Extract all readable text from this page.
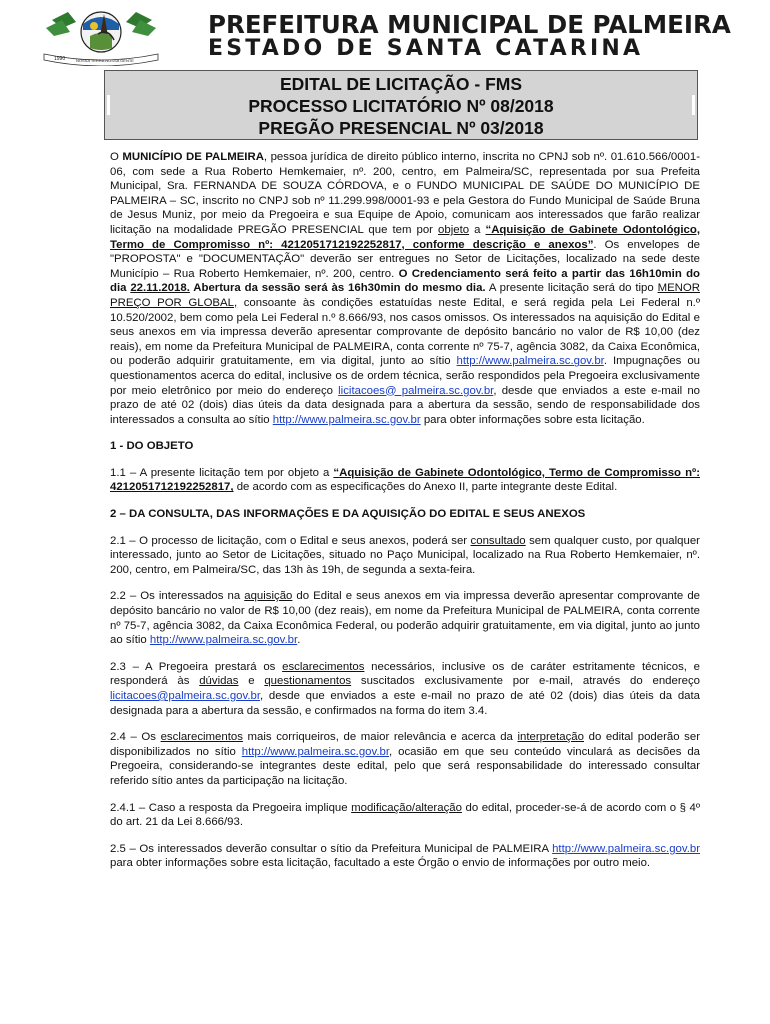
1990	NOSSA TERRA NOSSA GENTE
PREFEITURA MUNICIPAL DE PALMEIRA
ESTADO DE SANTA CATARINA
EDITAL DE LICITAÇÃO - FMS
PROCESSO LICITATÓRIO Nº 08/2018
PREGÃO PRESENCIAL Nº 03/2018

O MUNICÍPIO DE PALMEIRA, pessoa jurídica de direito público interno, inscrita no CPNJ sob nº. 01.610.566/0001-06, com sede a Rua Roberto Hemkemaier, nº. 200, centro, em Palmeira/SC, representada por sua Prefeita Municipal, Sra. FERNANDA DE SOUZA CÓRDOVA, e o FUNDO MUNICIPAL DE SAÚDE DO MUNICÍPIO DE PALMEIRA – SC, inscrito no CNPJ sob nº 11.299.998/0001-93 e pela Gestora do Fundo Municipal de Saúde Bruna de Jesus Muniz, por meio da Pregoeira e sua Equipe de Apoio, comunicam aos interessados que farão realizar licitação na modalidade PREGÃO PRESENCIAL que tem por objeto a “Aquisição de Gabinete Odontológico, Termo de Compromisso nº: 4212051712192252817, conforme descrição e anexos”. Os envelopes de "PROPOSTA" e "DOCUMENTAÇÃO" deverão ser entregues no Setor de Licitações, localizado na sede deste Município – Rua Roberto Hemkemaier, nº. 200, centro. O Credenciamento será feito a partir das 16h10min do dia 22.11.2018. Abertura da sessão será às 16h30min do mesmo dia. A presente licitação será do tipo MENOR PREÇO POR GLOBAL, consoante às condições estatuídas neste Edital, e será regida pela Lei Federal n.º 10.520/2002, bem como pela Lei Federal n.º 8.666/93, nos casos omissos. Os interessados na aquisição do Edital e seus anexos em via impressa deverão apresentar comprovante de depósito bancário no valor de R$ 10,00 (dez reais), em nome da Prefeitura Municipal de PALMEIRA, conta corrente nº 75-7, agência 3082, da Caixa Econômica, ou poderão adquirir gratuitamente, em via digital, junto ao sítio http://www.palmeira.sc.gov.br. Impugnações ou questionamentos acerca do edital, inclusive os de ordem técnica, serão respondidos pela Pregoeira exclusivamente por meio eletrônico por meio do endereço licitacoes@ palmeira.sc.gov.br, desde que enviados a este e-mail no prazo de até 02 (dois) dias úteis da data designada para a abertura da sessão, sendo de responsabilidade dos interessados a consulta ao sítio http://www.palmeira.sc.gov.br para obter informações sobre esta licitação.

1 - DO OBJETO

1.1 – A presente licitação tem por objeto a “Aquisição de Gabinete Odontológico, Termo de Compromisso nº: 4212051712192252817, de acordo com as especificações do Anexo II, parte integrante deste Edital.

2 – DA CONSULTA, DAS INFORMAÇÕES E DA AQUISIÇÃO DO EDITAL E SEUS ANEXOS

2.1 – O processo de licitação, com o Edital e seus anexos, poderá ser consultado sem qualquer custo, por qualquer interessado, junto ao Setor de Licitações, situado no Paço Municipal, localizado na Rua Roberto Hemkemaier, nº. 200, centro, em Palmeira/SC, das 13h às 19h, de segunda a sexta-feira.

2.2 – Os interessados na aquisição do Edital e seus anexos em via impressa deverão apresentar comprovante de depósito bancário no valor de R$ 10,00 (dez reais), em nome da Prefeitura Municipal de PALMEIRA, conta corrente nº 75-7, agência 3082, da Caixa Econômica Federal, ou poderão adquirir gratuitamente, em via digital, junto ao junto ao sítio http://www.palmeira.sc.gov.br.

2.3 – A Pregoeira prestará os esclarecimentos necessários, inclusive os de caráter estritamente técnicos, e responderá às dúvidas e questionamentos suscitados exclusivamente por e-mail, através do endereço licitacoes@palmeira.sc.gov.br, desde que enviados a este e-mail no prazo de até 02 (dois) dias úteis da data designada para a abertura da sessão, e confirmados na forma do item 3.4.

2.4 – Os esclarecimentos mais corriqueiros, de maior relevância e acerca da interpretação do edital poderão ser disponibilizados no sítio http://www.palmeira.sc.gov.br, ocasião em que seu conteúdo vinculará as decisões da Pregoeira, considerando-se integrantes deste edital, pelo que será responsabilidade do interessado consultar referido sítio antes da participação na licitação.

2.4.1 – Caso a resposta da Pregoeira implique modificação/alteração do edital, proceder-se-á de acordo com o § 4º do art. 21 da Lei 8.666/93.

2.5 – Os interessados deverão consultar o sítio da Prefeitura Municipal de PALMEIRA http://www.palmeira.sc.gov.br para obter informações sobre esta licitação, facultado a este Órgão o envio de informações por outro meio.
